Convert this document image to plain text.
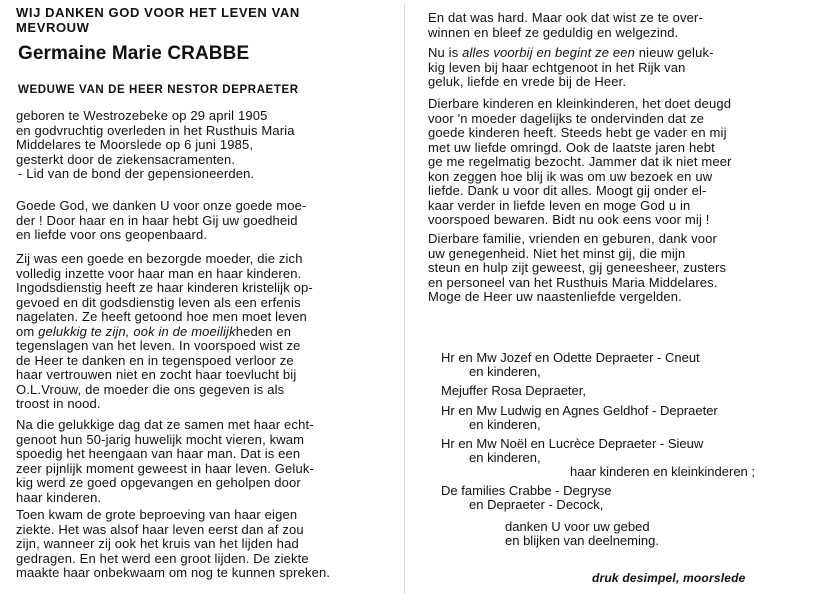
WIJ DANKEN GOD VOOR HET LEVEN VAN

MEVROUW

Germaine Marie CRABBE
WEDUWE VAN DE HEER NESTOR DEPRAETER

geboren te Westrozebeke op 29 april 1905

en godvruchtig overleden in het Rusthuis Maria

Middelares te Moorslede op 6 juni 1985,

gesterkt door de ziekensacramenten.

- Lid van de bond der gepensioneerden.

Goede God, we danken U voor onze goede moe-

der ! Door haar en in haar hebt Gij uw goedheid

en liefde voor ons geopenbaard.

Zij was een goede en bezorgde moeder, die zich

volledig inzette voor haar man en haar kinderen.

Ingodsdienstig heeft ze haar kinderen kristelijk op-

gevoed en dit godsdienstig leven als een erfenis

nagelaten. Ze heeft getoond hoe men moet leven

om gelukkig te zijn, ook in de moeilijkheden en

tegenslagen van het leven. In voorspoed wist ze

de Heer te danken en in tegenspoed verloor ze

haar vertrouwen niet en zocht haar toevlucht bij

O.L.Vrouw, de moeder die ons gegeven is als

troost in nood.

Na die gelukkige dag dat ze samen met haar echt-

genoot hun 50-jarig huwelijk mocht vieren, kwam

spoedig het heengaan van haar man. Dat is een

zeer pijnlijk moment geweest in haar leven. Geluk-

kig werd ze goed opgevangen en geholpen door

haar kinderen.

Toen kwam de grote beproeving van haar eigen

ziekte. Het was alsof haar leven eerst dan af zou

zijn, wanneer zij ook het kruis van het lijden had

gedragen. En het werd een groot lijden. De ziekte

maakte haar onbekwaam om nog te kunnen spreken.

En dat was hard. Maar ook dat wist ze te over-

winnen en bleef ze geduldig en welgezind.

Nu is alles voorbij en begint ze een nieuw geluk-

kig leven bij haar echtgenoot in het Rijk van

geluk, liefde en vrede bij de Heer.

Dierbare kinderen en kleinkinderen, het doet deugd

voor 'n moeder dagelijks te ondervinden dat ze

goede kinderen heeft. Steeds hebt ge vader en mij

met uw liefde omringd. Ook de laatste jaren hebt

ge me regelmatig bezocht. Jammer dat ik niet meer

kon zeggen hoe blij ik was om uw bezoek en uw

liefde. Dank u voor dit alles. Moogt gij onder el-

kaar verder in liefde leven en moge God u in

voorspoed bewaren. Bidt nu ook eens voor mij !

Dierbare familie, vrienden en geburen, dank voor

uw genegenheid. Niet het minst gij, die mijn

steun en hulp zijt geweest, gij geneesheer, zusters

en personeel van het Rusthuis Maria Middelares.

Moge de Heer uw naastenliefde vergelden.

Hr en Mw Jozef en Odette Depraeter - Cneut
en kinderen,
Mejuffer Rosa Depraeter,
Hr en Mw Ludwig en Agnes Geldhof - Depraeter
en kinderen,
Hr en Mw Noël en Lucrèce Depraeter - Sieuw
en kinderen,
haar kinderen en kleinkinderen ;
De families Crabbe - Degryse
en Depraeter - Decock,
danken U voor uw gebed
en blijken van deelneming.
druk desimpel, moorslede
